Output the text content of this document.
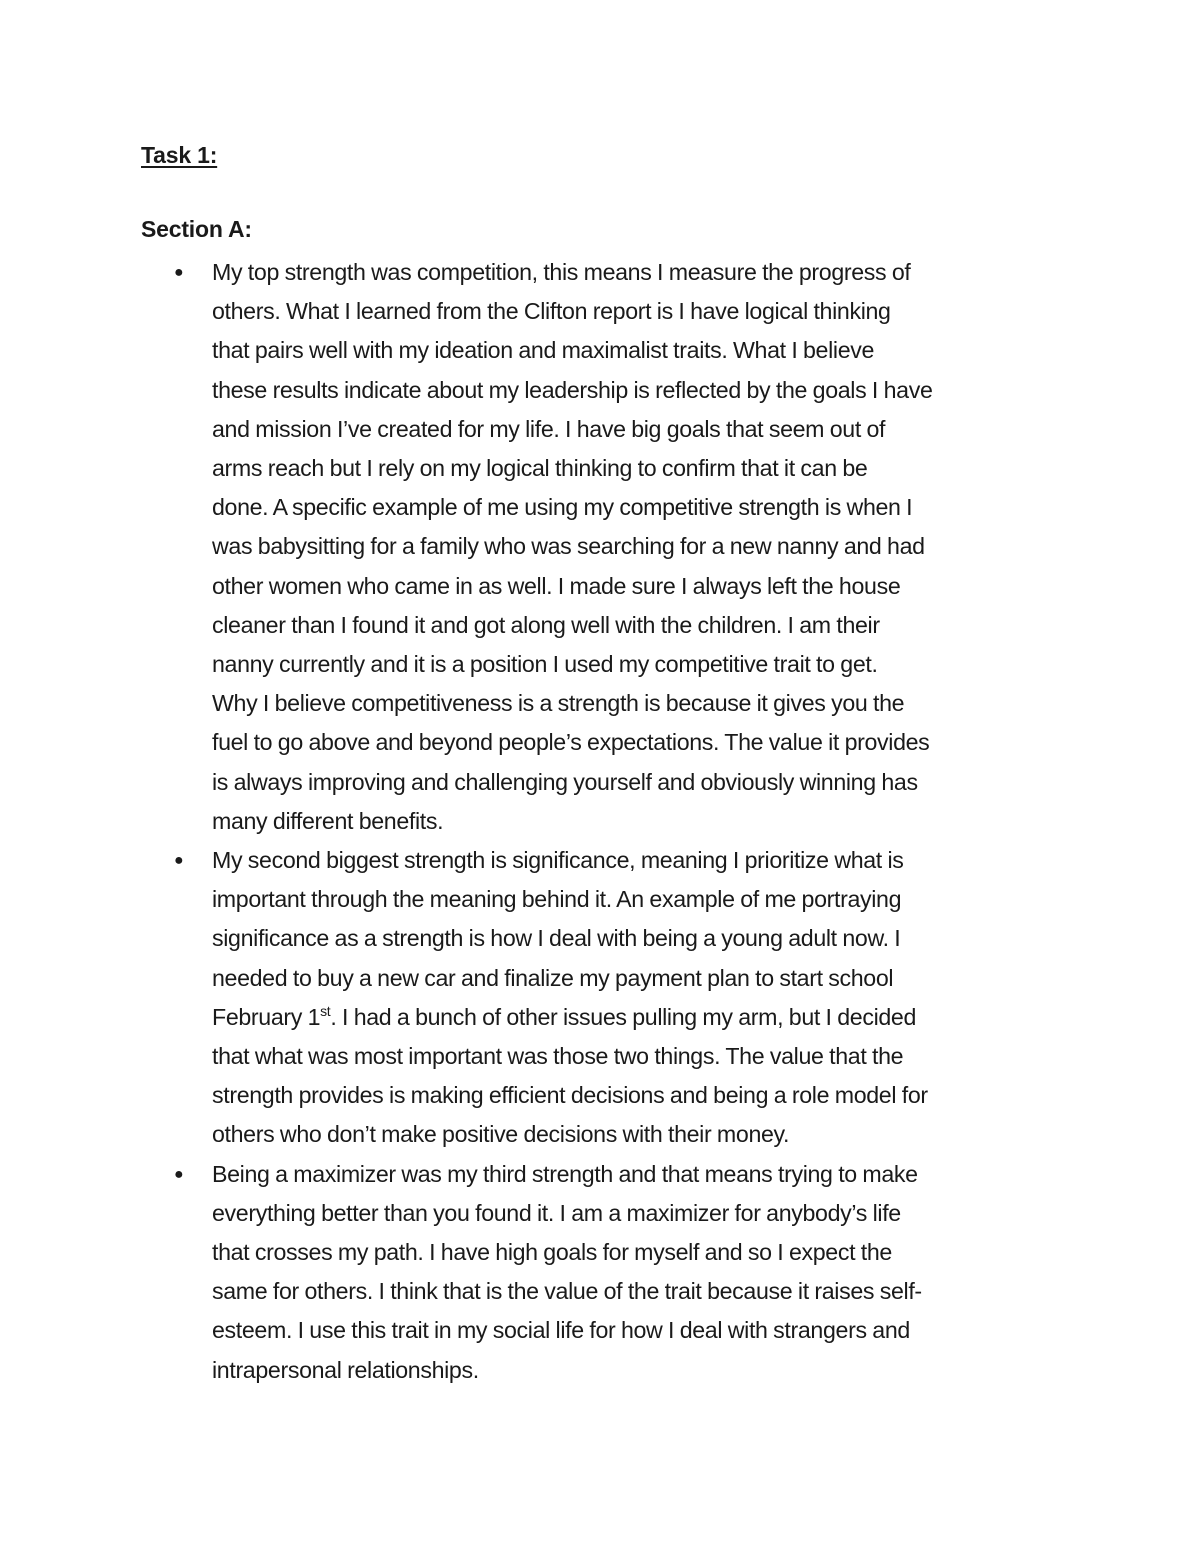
Task 1:
Section A:
● My top strength was competition, this means I measure the progress of
others. What I learned from the Clifton report is I have logical thinking
that pairs well with my ideation and maximalist traits. What I believe
these results indicate about my leadership is reflected by the goals I have
and mission I’ve created for my life. I have big goals that seem out of
arms reach but I rely on my logical thinking to confirm that it can be
done. A specific example of me using my competitive strength is when I
was babysitting for a family who was searching for a new nanny and had
other women who came in as well. I made sure I always left the house
cleaner than I found it and got along well with the children. I am their
nanny currently and it is a position I used my competitive trait to get.
Why I believe competitiveness is a strength is because it gives you the
fuel to go above and beyond people’s expectations. The value it provides
is always improving and challenging yourself and obviously winning has
many different benefits.
● My second biggest strength is significance, meaning I prioritize what is
important through the meaning behind it. An example of me portraying
significance as a strength is how I deal with being a young adult now. I
needed to buy a new car and finalize my payment plan to start school
February 1st. I had a bunch of other issues pulling my arm, but I decided
that what was most important was those two things. The value that the
strength provides is making efficient decisions and being a role model for
others who don’t make positive decisions with their money.
● Being a maximizer was my third strength and that means trying to make
everything better than you found it. I am a maximizer for anybody’s life
that crosses my path. I have high goals for myself and so I expect the
same for others. I think that is the value of the trait because it raises self-
esteem. I use this trait in my social life for how I deal with strangers and
intrapersonal relationships.
